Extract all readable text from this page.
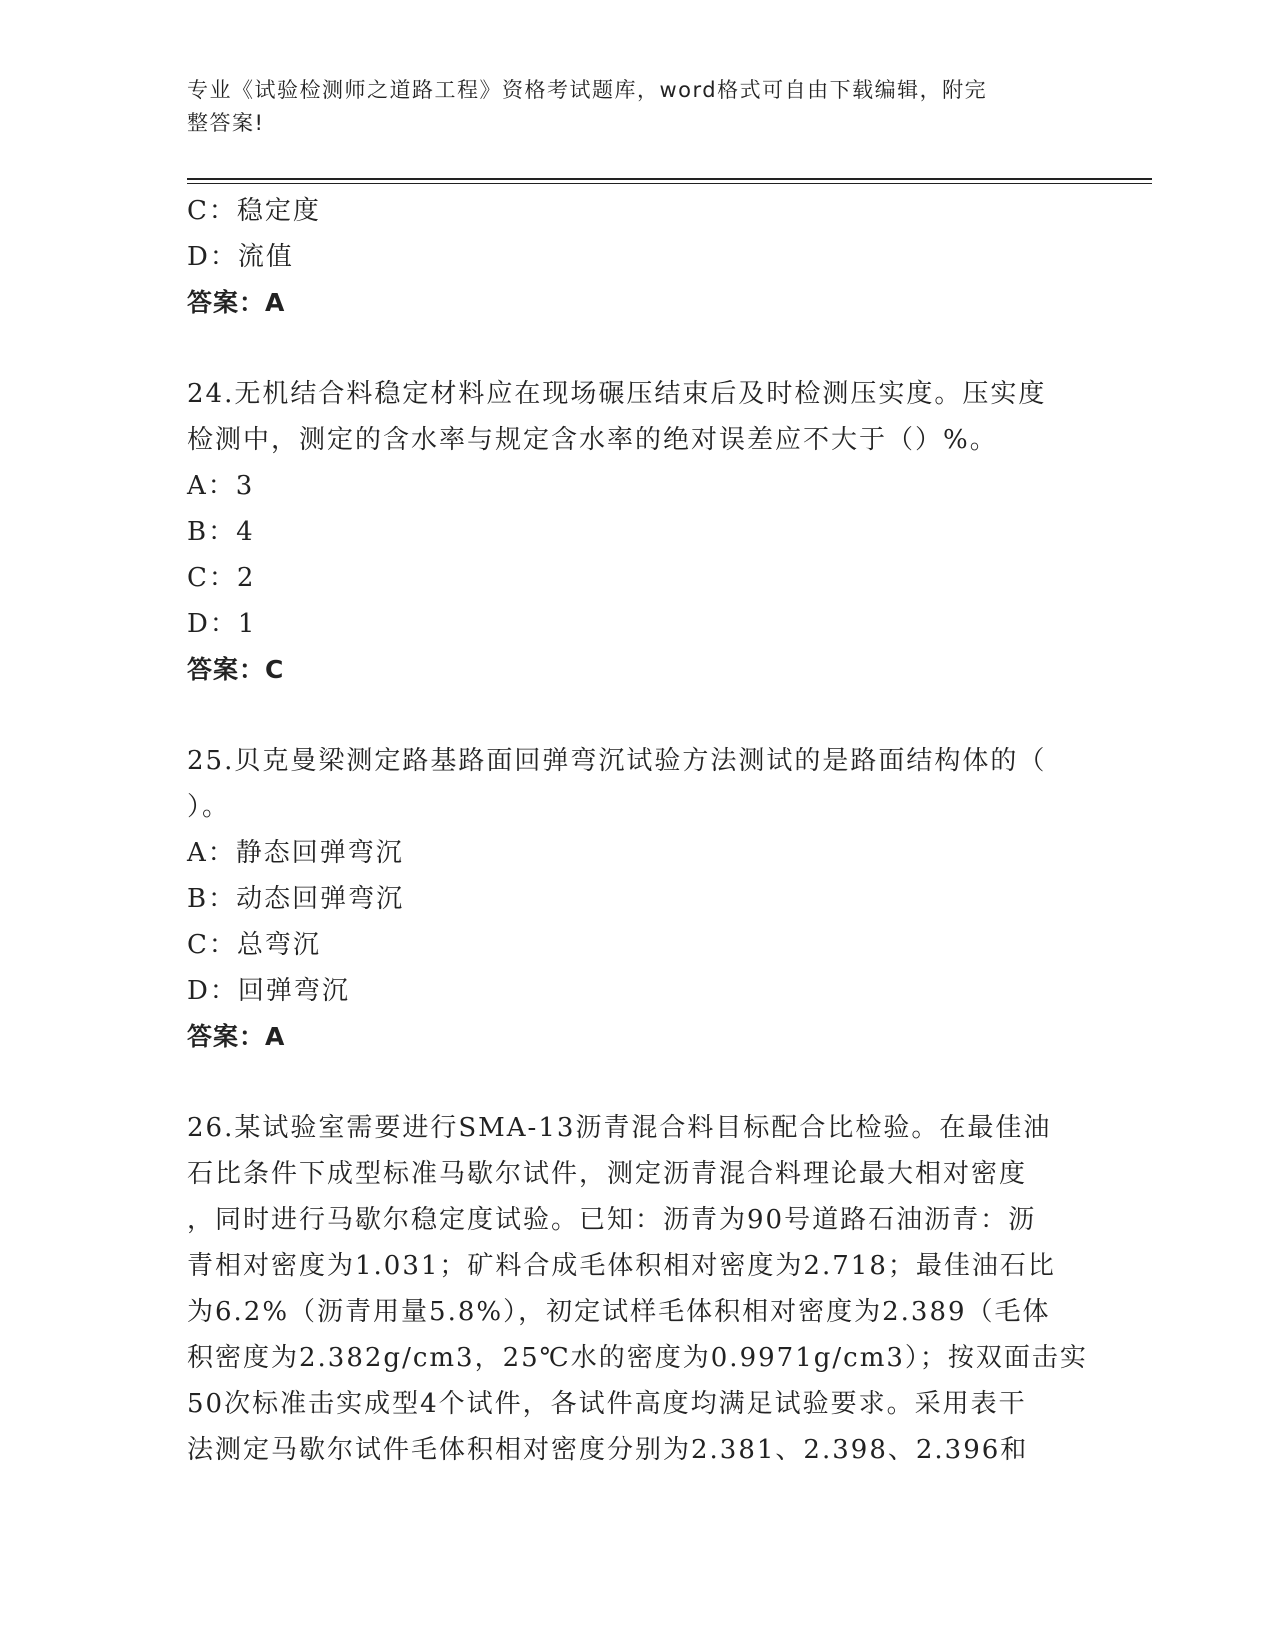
专业《试验检测师之道路工程》资格考试题库，word格式可自由下载编辑，附完
整答案!
C：稳定度
D：流值
答案：A
24.无机结合料稳定材料应在现场碾压结束后及时检测压实度。压实度
检测中，测定的含水率与规定含水率的绝对误差应不大于（）%。
A：3
B：4
C：2
D：1
答案：C
25.贝克曼梁测定路基路面回弹弯沉试验方法测试的是路面结构体的（
）。
A：静态回弹弯沉
B：动态回弹弯沉
C：总弯沉
D：回弹弯沉
答案：A
26.某试验室需要进行SMA-13沥青混合料目标配合比检验。在最佳油
石比条件下成型标准马歇尔试件，测定沥青混合料理论最大相对密度
，同时进行马歇尔稳定度试验。已知：沥青为90号道路石油沥青：沥
青相对密度为1.031；矿料合成毛体积相对密度为2.718；最佳油石比
为6.2%（沥青用量5.8%），初定试样毛体积相对密度为2.389（毛体
积密度为2.382g/cm3，25℃水的密度为0.9971g/cm3）；按双面击实
50次标准击实成型4个试件，各试件高度均满足试验要求。采用表干
法测定马歇尔试件毛体积相对密度分别为2.381、2.398、2.396和
